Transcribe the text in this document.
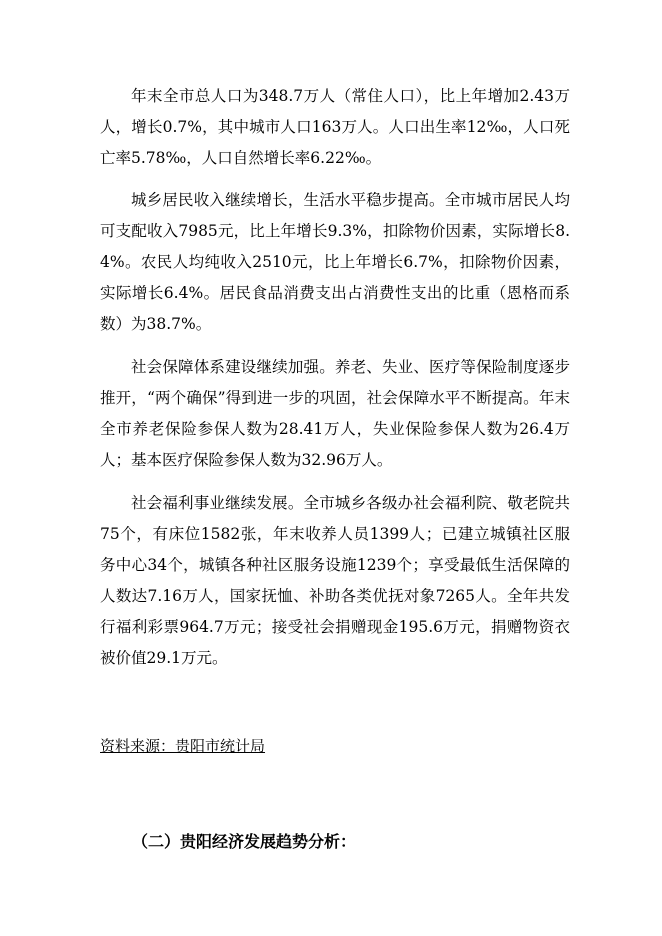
年末全市总人口为348.7万人（常住人口），比上年增加2.43万人，增长0.7%，其中城市人口163万人。人口出生率12‰，人口死亡率5.78‰，人口自然增长率6.22‰。

城乡居民收入继续增长，生活水平稳步提高。全市城市居民人均可支配收入7985元，比上年增长9.3%，扣除物价因素，实际增长8.4%。农民人均纯收入2510元，比上年增长6.7%，扣除物价因素，实际增长6.4%。居民食品消费支出占消费性支出的比重（恩格而系数）为38.7%。

社会保障体系建设继续加强。养老、失业、医疗等保险制度逐步推开，“两个确保”得到进一步的巩固，社会保障水平不断提高。年末全市养老保险参保人数为28.41万人，失业保险参保人数为26.4万人；基本医疗保险参保人数为32.96万人。

社会福利事业继续发展。全市城乡各级办社会福利院、敬老院共75个，有床位1582张，年末收养人员1399人；已建立城镇社区服务中心34个，城镇各种社区服务设施1239个；享受最低生活保障的人数达7.16万人，国家抚恤、补助各类优抚对象7265人。全年共发行福利彩票964.7万元；接受社会捐赠现金195.6万元，捐赠物资衣被价值29.1万元。

资料来源：贵阳市统计局

（二）贵阳经济发展趋势分析：
